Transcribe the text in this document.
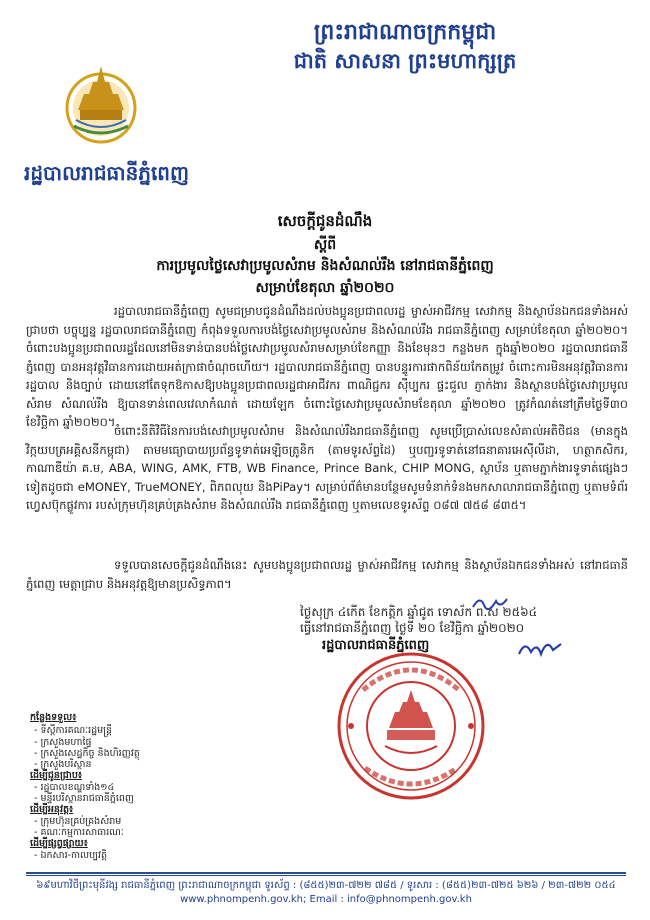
ព្រះរាជាណាចក្រកម្ពុជា
ជាតិ សាសនា ព្រះមហាក្សត្រ
រដ្ឋបាលរាជធានីភ្នំពេញ
សេចក្ដីជូនដំណឹង
ស្ដីពី
ការប្រមូលថ្លៃសេវាប្រមូលសំរាម និងសំណល់រឹង នៅរាជធានីភ្នំពេញ
សម្រាប់ខែតុលា ឆ្នាំ២០២០
រដ្ឋបាលរាជធានីភ្នំពេញ សូមជម្រាបជូនដំណឹងដល់បងប្អូនប្រជាពលរដ្ឋ ម្ចាស់អាជីវកម្ម សេវាកម្ម និងស្ថាប័នឯកជនទាំងអស់ ជ្រាបថា បច្ចុប្បន្ន រដ្ឋបាលរាជធានីភ្នំពេញ កំពុងទទួលការបង់ថ្លៃសេវាប្រមូលសំរាម និងសំណល់រឹង រាជធានីភ្នំពេញ សម្រាប់ខែតុលា ឆ្នាំ២០២០។ ចំពោះបងប្អូនប្រជាពលរដ្ឋដែលនៅមិនទាន់បានបង់ថ្លៃសេវាប្រមូលសំរាមសម្រាប់ខែកញ្ញា និងខែមុនៗ កន្លងមក ក្នុងឆ្នាំ២០២០ រដ្ឋបាលរាជធានីភ្នំពេញ បានអនុវត្តវិធានការដោយអត់ក្រាផាចំណុចហើយ។ រដ្ឋបាលរាជធានីភ្នំពេញ បានបន្ទូរការផាកពិន័យកែតម្រូវ ចំពោះការមិនអនុវត្តវិធានការរដ្ឋបាល និងច្បាប់ ដោយនៅតែទុកឱកាសឱ្យបងប្អូនប្រជាពលរដ្ឋជាអាជីវករ ពាណិជ្ជករ ស៊ីប្បករ ផ្ទះជួល ភ្ញាក់ងារ និងស្ថានបង់ថ្លៃសេវាប្រមូលសំរាម សំណល់រឹង ឱ្យបានទាន់ពេលវេលាកំណត់ ដោយឡែក ចំពោះថ្លៃសេវាប្រមូលសំរាមខែតុលា ឆ្នាំ២០២០ ត្រូវកំណត់នៅត្រឹមថ្ងៃទី៣០ ខែវិច្ឆិកា ឆ្នាំ២០២០។
ចំពោះនីតិវិធីនៃការបង់សេវាប្រមូលសំរាម និងសំណល់រឹងរាជធានីភ្នំពេញ សូមប្រើប្រាស់លេខសំគាល់អតិថិជន (មានក្នុងវិក្កយបត្រអគ្គិសនីកម្ពុជា) តាមមធ្យោបាយប្រព័ន្ធទូទាត់អេឡិចត្រូនិក (តាមទូរស័ព្ទដៃ) ឬបញ្ជរទូទាត់នៅធនាគារអេស៊ីលីដា, ហត្ថាកសិករ, កាណាឌីយ៉ា គ.ម, ABA, WING, AMK, FTB, WB Finance, Prince Bank, CHIP MONG, ស្ថាប័ន ឬតាមភ្នាក់ងារទូទាត់ផ្សេងៗទៀតដូចជា eMONEY, TrueMONEY, ពិភពលុយ និងPiPay។ សម្រាប់ព័ត៌មានបន្ថែមសូមទំនាក់ទំនងមកសាលារាជធានីភ្នំពេញ ឬតាមទំព័រហ្វេសប៊ុកផ្លូវការ របស់ក្រុមហ៊ុនគ្រប់គ្រងសំរាម និងសំណល់រឹង រាជធានីភ្នំពេញ ឬតាមលេខទូរស័ព្ទ ០៨៧ ៧៥៨ ៨៣៥។
ទទួលបានសេចក្ដីជូនដំណឹងនេះ សូមបងប្អូនប្រជាពលរដ្ឋ ម្ចាស់អាជីវកម្ម សេវាកម្ម និងស្ថាប័នឯកជនទាំងអស់ នៅរាជធានីភ្នំពេញ មេត្តាជ្រាប និងអនុវត្តឱ្យមានប្រសិទ្ធភាព។
ថ្ងៃសុក្រ ៤កើត ខែកត្ដិក ឆ្នាំជូត ទោស័ក ព.ស ២៥៦៤
ធ្វើនៅរាជធានីភ្នំពេញ ថ្ងៃទី ២០ ខែវិច្ឆិកា ឆ្នាំ២០២០
រដ្ឋបាលរាជធានីភ្នំពេញ
កន្លែងទទួល៖
- ទីស្ដីការគណៈរដ្ឋមន្ត្រី
- ក្រសួងមហាផ្ទៃ
- ក្រសួងសេដ្ឋកិច្ច និងហិរញ្ញវត្ថុ
- ក្រសួងបរិស្ថាន
ដើម្បីជូនជ្រាប៖
- រដ្ឋបាលខណ្ឌទាំង១៤
- មន្ទីរបរិស្ថានរាជធានីភ្នំពេញ
ដើម្បីអនុវត្ត៖
- ក្រុមហ៊ុនគ្រប់គ្រងសំរាម
- គណៈកម្មការសាធារណៈ
ដើម្បីផ្សព្វផ្សាយ៖
- ឯកសារ-កាលប្បវត្តិ
៦៩មហាវិថីព្រះមុនីវង្ស រាជធានីភ្នំពេញ ព្រះរាជាណាចក្រកម្ពុជា ទូរស័ព្ទ : (៨៥៥)២៣-៧២២ ៧៨៥ / ទូរសារ : (៨៥៥)២៣-៧២៥ ៦២៦ / ២៣-៧២២ ០៥៤
www.phnompenh.gov.kh; Email : info@phnompenh.gov.kh
